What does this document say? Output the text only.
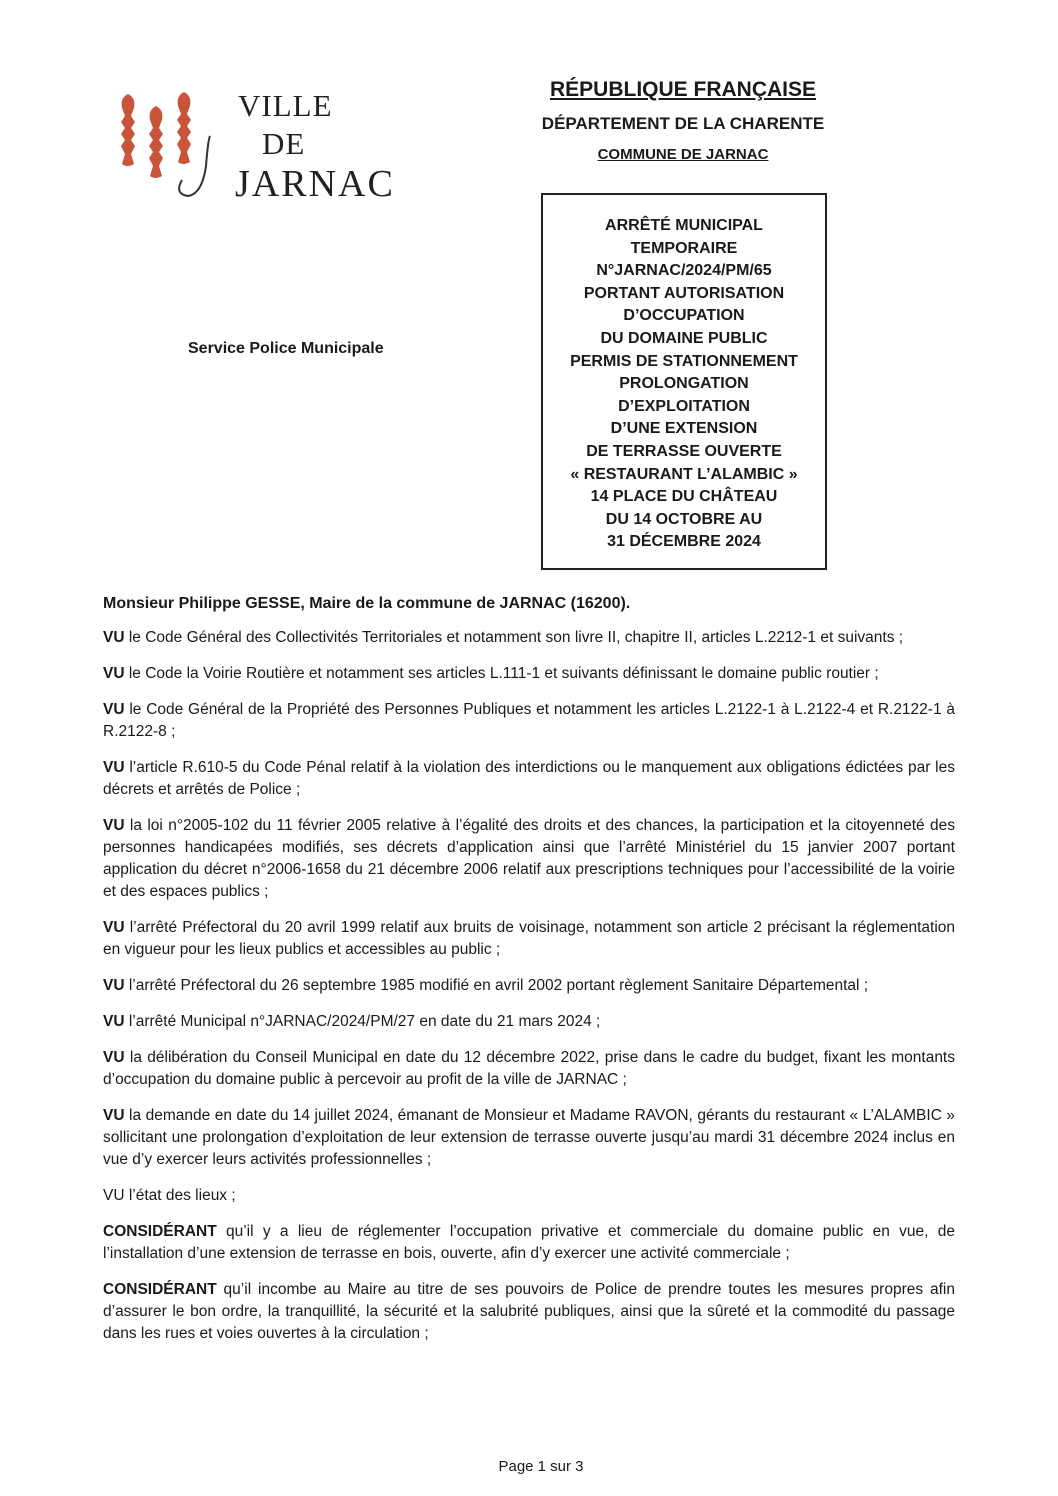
VILLE
DE
JARNAC
RÉPUBLIQUE FRANÇAISE
DÉPARTEMENT DE LA CHARENTE
COMMUNE DE JARNAC
Service Police Municipale
ARRÊTÉ MUNICIPAL
TEMPORAIRE
N°JARNAC/2024/PM/65
PORTANT AUTORISATION
D’OCCUPATION
DU DOMAINE PUBLIC
PERMIS DE STATIONNEMENT
PROLONGATION
D’EXPLOITATION
D’UNE EXTENSION
DE TERRASSE OUVERTE
« RESTAURANT L’ALAMBIC »
14 PLACE DU CHÂTEAU
DU 14 OCTOBRE AU
31 DÉCEMBRE 2024
Monsieur Philippe GESSE, Maire de la commune de JARNAC (16200).
VU le Code Général des Collectivités Territoriales et notamment son livre II, chapitre II, articles L.2212-1 et suivants ;
VU le Code la Voirie Routière et notamment ses articles L.111-1 et suivants définissant le domaine public routier ;
VU le Code Général de la Propriété des Personnes Publiques et notamment les articles L.2122-1 à L.2122-4 et R.2122-1 à R.2122-8 ;
VU l’article R.610-5 du Code Pénal relatif à la violation des interdictions ou le manquement aux obligations édictées par les décrets et arrêtés de Police ;
VU la loi n°2005-102 du 11 février 2005 relative à l’égalité des droits et des chances, la participation et la citoyenneté des personnes handicapées modifiés, ses décrets d’application ainsi que l’arrêté Ministériel du 15 janvier 2007 portant application du décret n°2006-1658 du 21 décembre 2006 relatif aux prescriptions techniques pour l’accessibilité de la voirie et des espaces publics ;
VU l’arrêté Préfectoral du 20 avril 1999 relatif aux bruits de voisinage, notamment son article 2 précisant la réglementation en vigueur pour les lieux publics et accessibles au public ;
VU l’arrêté Préfectoral du 26 septembre 1985 modifié en avril 2002 portant règlement Sanitaire Départemental ;
VU l’arrêté Municipal n°JARNAC/2024/PM/27 en date du 21 mars 2024 ;
VU la délibération du Conseil Municipal en date du 12 décembre 2022, prise dans le cadre du budget, fixant les montants d’occupation du domaine public à percevoir au profit de la ville de JARNAC ;
VU la demande en date du 14 juillet 2024, émanant de Monsieur et Madame RAVON, gérants du restaurant « L’ALAMBIC » sollicitant une prolongation d’exploitation de leur extension de terrasse ouverte jusqu’au mardi 31 décembre 2024 inclus en vue d’y exercer leurs activités professionnelles ;
VU l’état des lieux ;
CONSIDÉRANT qu’il y a lieu de réglementer l’occupation privative et commerciale du domaine public en vue, de l’installation d’une extension de terrasse en bois, ouverte, afin d’y exercer une activité commerciale ;
CONSIDÉRANT qu’il incombe au Maire au titre de ses pouvoirs de Police de prendre toutes les mesures propres afin d’assurer le bon ordre, la tranquillité, la sécurité et la salubrité publiques, ainsi que la sûreté et la commodité du passage dans les rues et voies ouvertes à la circulation ;
Page 1 sur 3
